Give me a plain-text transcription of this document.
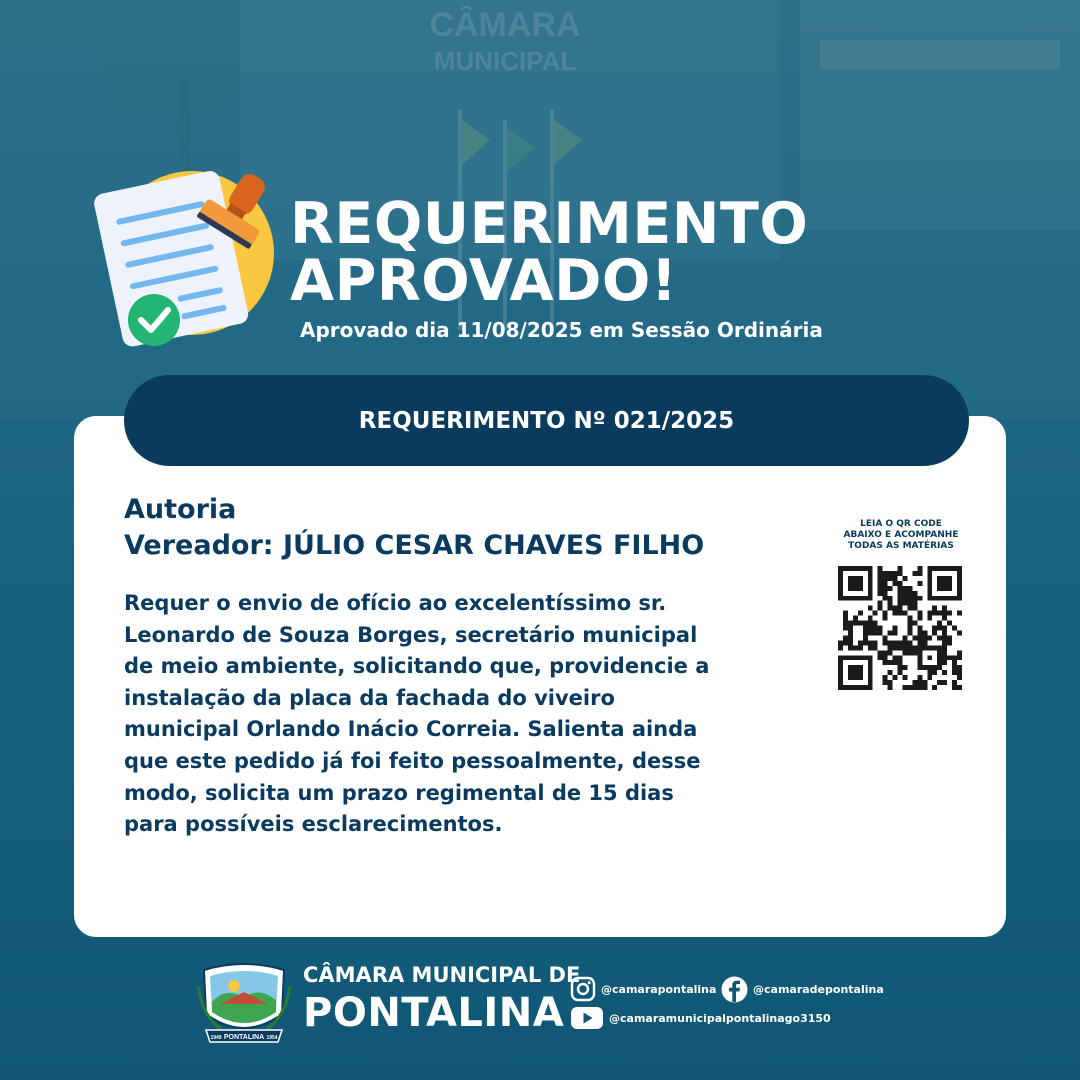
CÂMARA
MUNICIPAL
REQUERIMENTO
APROVADO!
Aprovado dia 11/08/2025 em Sessão Ordinária
REQUERIMENTO Nº 021/2025
Autoria
Vereador: JÚLIO CESAR CHAVES FILHO
Requer o envio de ofício ao excelentíssimo sr.
Leonardo de Souza Borges, secretário municipal
de meio ambiente, solicitando que, providencie a
instalação da placa da fachada do viveiro
municipal Orlando Inácio Correia. Salienta ainda
que este pedido já foi feito pessoalmente, desse
modo, solicita um prazo regimental de 15 dias
para possíveis esclarecimentos.
LEIA O QR CODE
ABAIXO E ACOMPANHE
TODAS AS MATÉRIAS
PONTALINA
1949	1954
CÂMARA MUNICIPAL DE
PONTALINA
@camarapontalina	@camaradepontalina
@camaramunicipalpontalinago3150
